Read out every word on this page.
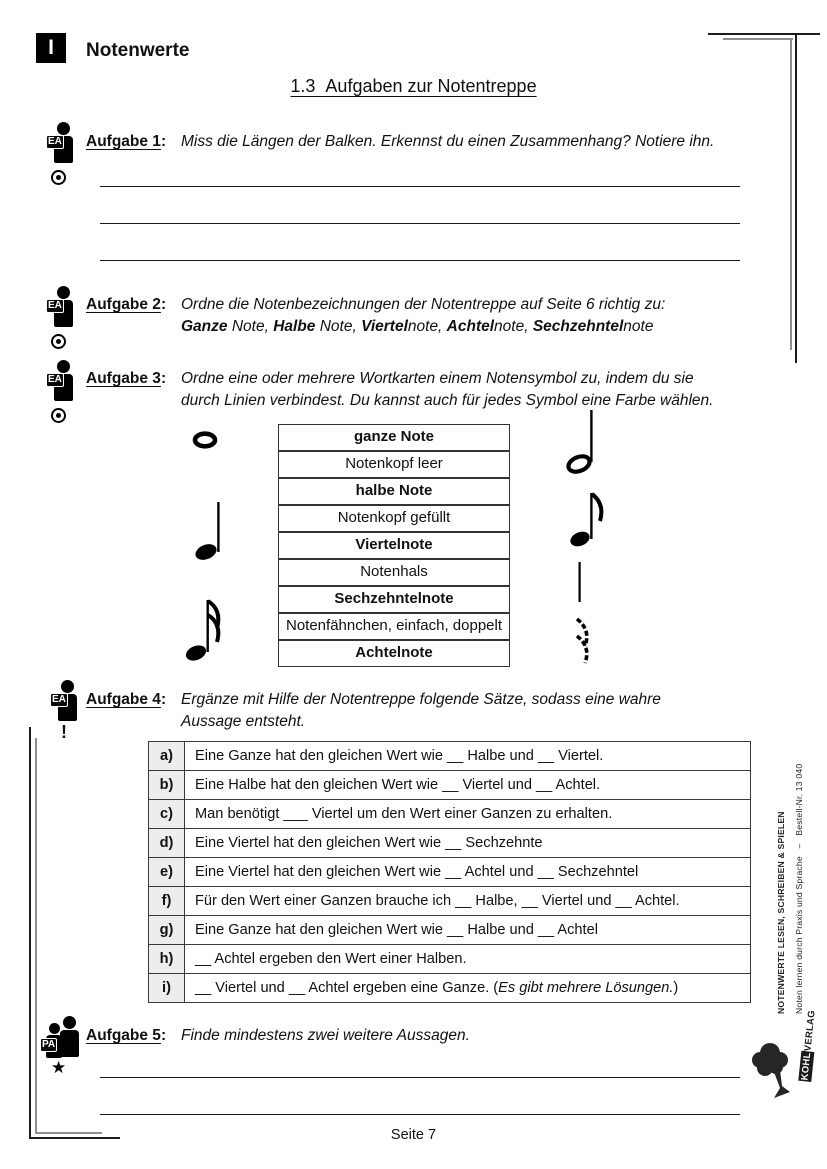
I	Notenwerte
1.3  Aufgaben zur Notentreppe
EA Aufgabe 1: Miss die Längen der Balken. Erkennst du einen Zusammenhang? Notiere ihn.
EA Aufgabe 2: Ordne die Notenbezeichnungen der Notentreppe auf Seite 6 richtig zu:
Ganze Note, Halbe Note, Viertelnote, Achtelnote, Sechzehntelnote
EA Aufgabe 3: Ordne eine oder mehrere Wortkarten einem Notensymbol zu, indem du sie
durch Linien verbindest. Du kannst auch für jedes Symbol eine Farbe wählen.
ganze Note
Notenkopf leer
halbe Note
Notenkopf gefüllt
Viertelnote
Notenhals
Sechzehntelnote
Notenfähnchen, einfach, doppelt
Achtelnote
EA
!
Aufgabe 4: Ergänze mit Hilfe der Notentreppe folgende Sätze, sodass eine wahre
Aussage entsteht.
a)	Eine Ganze hat den gleichen Wert wie __ Halbe und __ Viertel.
b)	Eine Halbe hat den gleichen Wert wie __ Viertel und __ Achtel.
c)	Man benötigt ___ Viertel um den Wert einer Ganzen zu erhalten.
d)	Eine Viertel hat den gleichen Wert wie __ Sechzehnte
e)	Eine Viertel hat den gleichen Wert wie __ Achtel und __ Sechzehntel
f)	Für den Wert einer Ganzen brauche ich __ Halbe, __ Viertel und __ Achtel.
g)	Eine Ganze hat den gleichen Wert wie __ Halbe und __ Achtel
h)	__ Achtel ergeben den Wert einer Halben.
i)	__ Viertel und __ Achtel ergeben eine Ganze. (Es gibt mehrere Lösungen.)
PA
★
Aufgabe 5: Finde mindestens zwei weitere Aussagen.
Seite 7
NOTENWERTE LESEN, SCHREIBEN & SPIELEN Noten lernen durch Praxis und Sprache   –   Bestell-Nr. 13 040
KOHLVERLAG
